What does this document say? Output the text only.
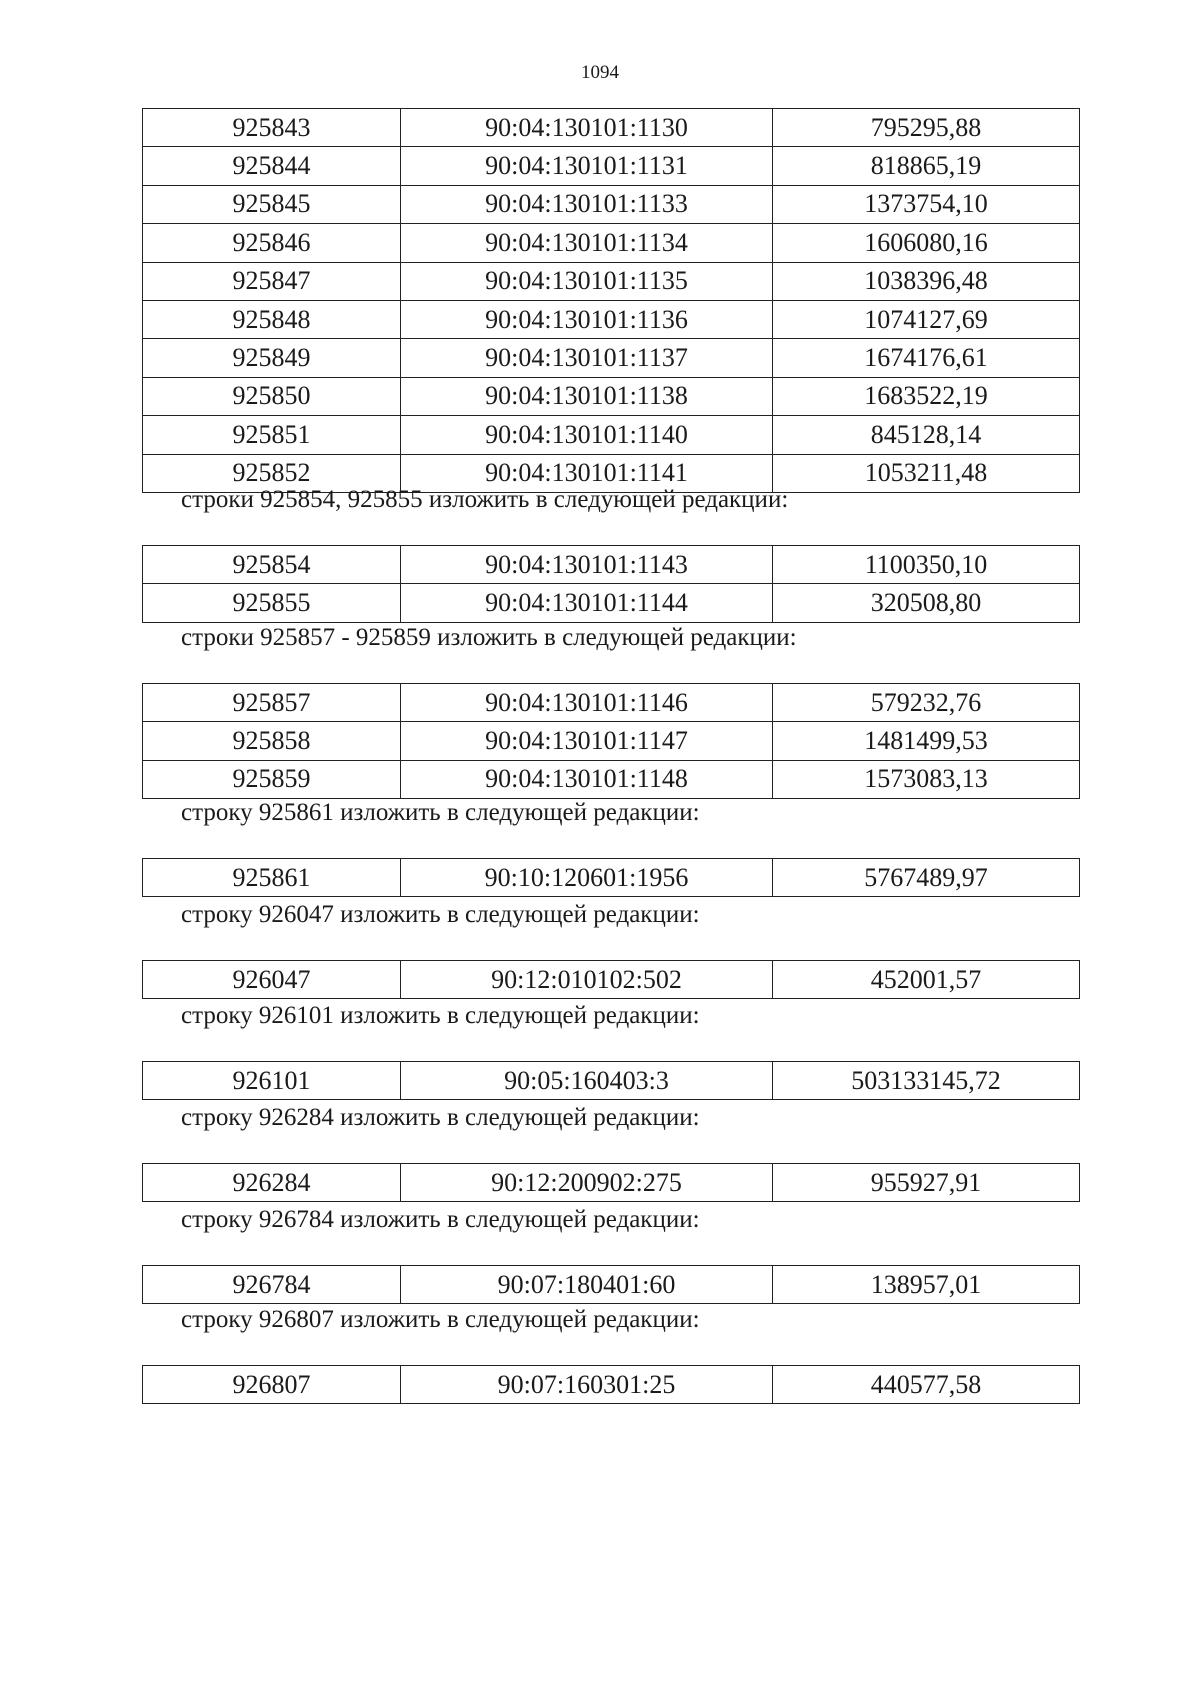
1094
925843	90:04:130101:1130	795295,88
925844	90:04:130101:1131	818865,19
925845	90:04:130101:1133	1373754,10
925846	90:04:130101:1134	1606080,16
925847	90:04:130101:1135	1038396,48
925848	90:04:130101:1136	1074127,69
925849	90:04:130101:1137	1674176,61
925850	90:04:130101:1138	1683522,19
925851	90:04:130101:1140	845128,14
925852	90:04:130101:1141	1053211,48
строки 925854, 925855 изложить в следующей редакции:
925854	90:04:130101:1143	1100350,10
925855	90:04:130101:1144	320508,80
строки 925857 - 925859 изложить в следующей редакции:
925857	90:04:130101:1146	579232,76
925858	90:04:130101:1147	1481499,53
925859	90:04:130101:1148	1573083,13
строку 925861 изложить в следующей редакции:
925861	90:10:120601:1956	5767489,97
строку 926047 изложить в следующей редакции:
926047	90:12:010102:502	452001,57
строку 926101 изложить в следующей редакции:
926101	90:05:160403:3	503133145,72
строку 926284 изложить в следующей редакции:
926284	90:12:200902:275	955927,91
строку 926784 изложить в следующей редакции:
926784	90:07:180401:60	138957,01
строку 926807 изложить в следующей редакции:
926807	90:07:160301:25	440577,58
